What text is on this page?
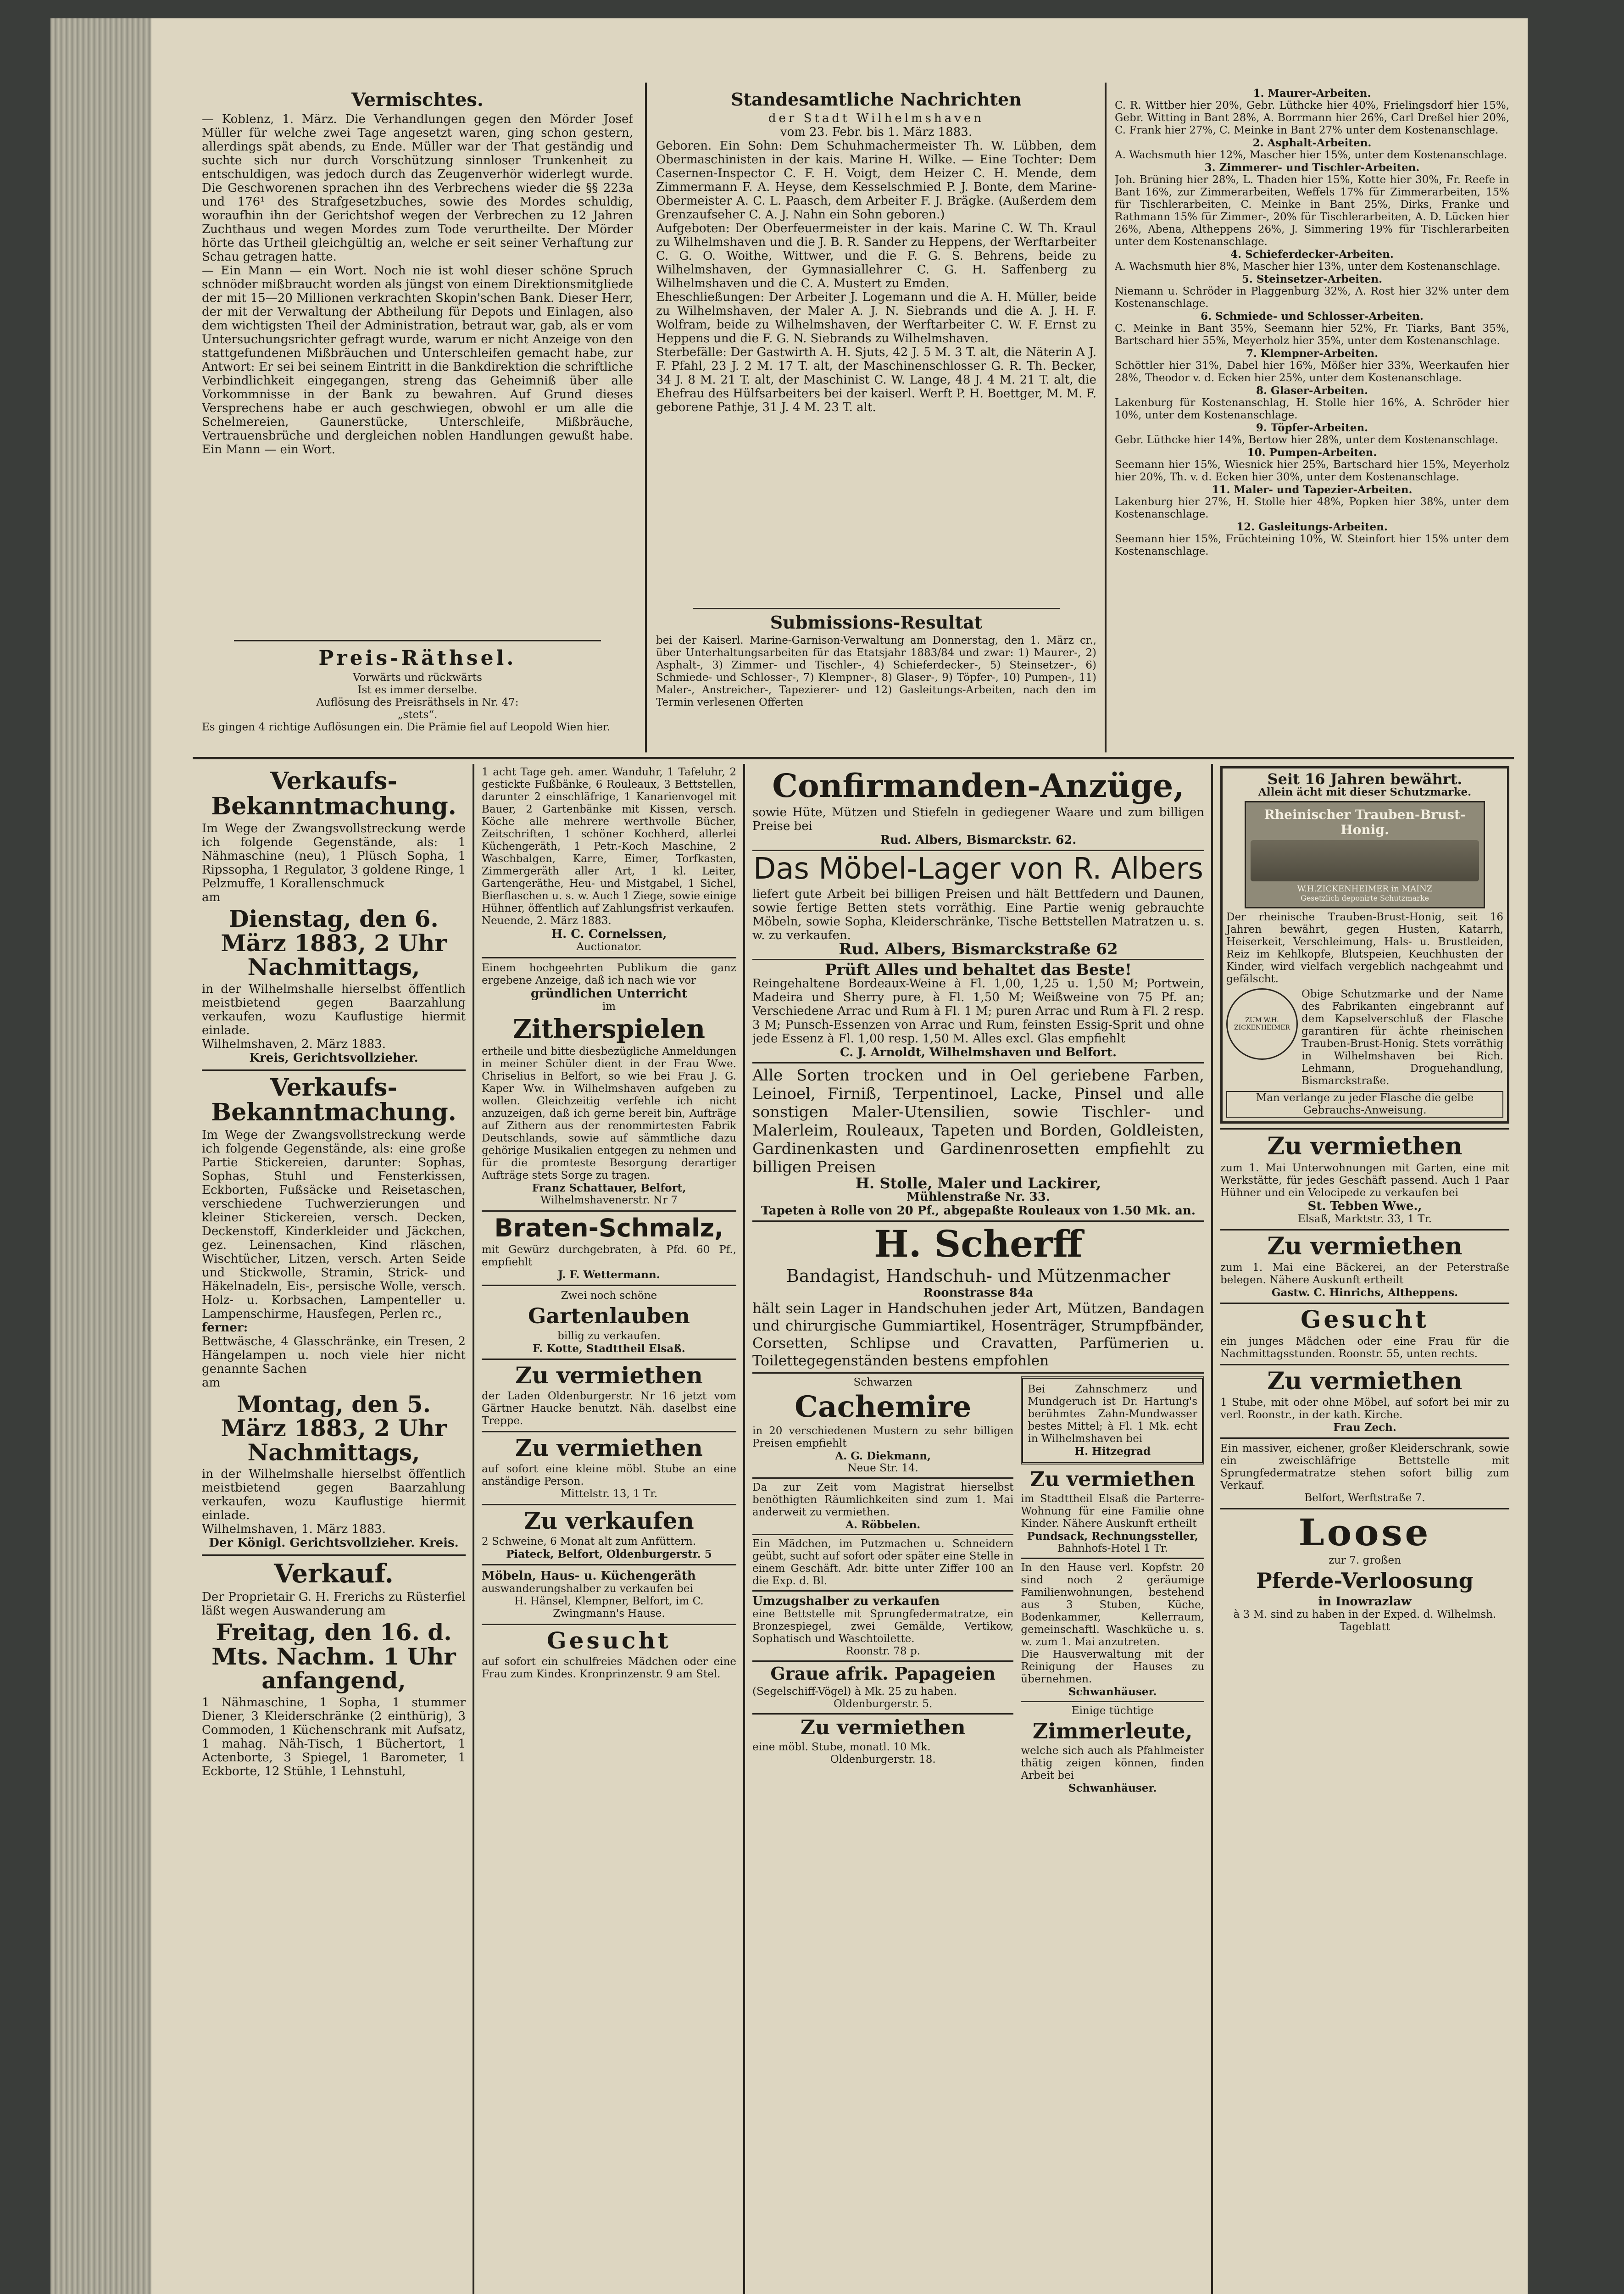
Vermischtes.

— Koblenz, 1. März. Die Verhandlungen gegen den Mörder Josef Müller für welche zwei Tage angesetzt waren, ging schon gestern, allerdings spät abends, zu Ende. Müller war der That geständig und suchte sich nur durch Vorschützung sinnloser Trunkenheit zu entschuldigen, was jedoch durch das Zeugenverhör widerlegt wurde. Die Geschworenen sprachen ihn des Verbrechens wieder die §§ 223a und 176¹ des Strafgesetzbuches, sowie des Mordes schuldig, woraufhin ihn der Gerichtshof wegen der Verbrechen zu 12 Jahren Zuchthaus und wegen Mordes zum Tode verurtheilte. Der Mörder hörte das Urtheil gleichgültig an, welche er seit seiner Verhaftung zur Schau getragen hatte.

— Ein Mann — ein Wort. Noch nie ist wohl dieser schöne Spruch schnöder mißbraucht worden als jüngst von einem Direktionsmitgliede der mit 15—20 Millionen verkrachten Skopin'schen Bank. Dieser Herr, der mit der Verwaltung der Abtheilung für Depots und Einlagen, also dem wichtigsten Theil der Administration, betraut war, gab, als er vom Untersuchungsrichter gefragt wurde, warum er nicht Anzeige von den stattgefundenen Mißbräuchen und Unterschleifen gemacht habe, zur Antwort: Er sei bei seinem Eintritt in die Bankdirektion die schriftliche Verbindlichkeit eingegangen, streng das Geheimniß über alle Vorkommnisse in der Bank zu bewahren. Auf Grund dieses Versprechens habe er auch geschwiegen, obwohl er um alle die Schelmereien, Gaunerstücke, Unterschleife, Mißbräuche, Vertrauensbrüche und dergleichen noblen Handlungen gewußt habe. Ein Mann — ein Wort.

Preis-Räthsel.

Vorwärts und rückwärts

Ist es immer derselbe.

Auflösung des Preisräthsels in Nr. 47:

„stets“.

Es gingen 4 richtige Auflösungen ein. Die Prämie fiel auf Leopold Wien hier.

Standesamtliche Nachrichten

der Stadt Wilhelmshaven

vom 23. Febr. bis 1. März 1883.

Geboren. Ein Sohn: Dem Schuhmachermeister Th. W. Lübben, dem Obermaschinisten in der kais. Marine H. Wilke. — Eine Tochter: Dem Casernen-Inspector C. F. H. Voigt, dem Heizer C. H. Mende, dem Zimmermann F. A. Heyse, dem Kesselschmied P. J. Bonte, dem Marine-Obermeister A. C. L. Paasch, dem Arbeiter F. J. Brägke. (Außerdem dem Grenzaufseher C. A. J. Nahn ein Sohn geboren.)

Aufgeboten: Der Oberfeuermeister in der kais. Marine C. W. Th. Kraul zu Wilhelmshaven und die J. B. R. Sander zu Heppens, der Werftarbeiter C. G. O. Woithe, Wittwer, und die F. G. S. Behrens, beide zu Wilhelmshaven, der Gymnasiallehrer C. G. H. Saffenberg zu Wilhelmshaven und die C. A. Mustert zu Emden.

Eheschließungen: Der Arbeiter J. Logemann und die A. H. Müller, beide zu Wilhelmshaven, der Maler A. J. N. Siebrands und die A. J. H. F. Wolfram, beide zu Wilhelmshaven, der Werftarbeiter C. W. F. Ernst zu Heppens und die F. G. N. Siebrands zu Wilhelmshaven.

Sterbefälle: Der Gastwirth A. H. Sjuts, 42 J. 5 M. 3 T. alt, die Näterin A J. F. Pfahl, 23 J. 2 M. 17 T. alt, der Maschinenschlosser G. R. Th. Becker, 34 J. 8 M. 21 T. alt, der Maschinist C. W. Lange, 48 J. 4 M. 21 T. alt, die Ehefrau des Hülfsarbeiters bei der kaiserl. Werft P. H. Boettger, M. M. F. geborene Pathje, 31 J. 4 M. 23 T. alt.

Submissions-Resultat

bei der Kaiserl. Marine-Garnison-Verwaltung am Donnerstag, den 1. März cr., über Unterhaltungsarbeiten für das Etatsjahr 1883/84 und zwar: 1) Maurer-, 2) Asphalt-, 3) Zimmer- und Tischler-, 4) Schieferdecker-, 5) Steinsetzer-, 6) Schmiede- und Schlosser-, 7) Klempner-, 8) Glaser-, 9) Töpfer-, 10) Pumpen-, 11) Maler-, Anstreicher-, Tapezierer- und 12) Gasleitungs-Arbeiten, nach den im Termin verlesenen Offerten

1. Maurer-Arbeiten.

C. R. Wittber hier 20%, Gebr. Lüthcke hier 40%, Frielingsdorf hier 15%, Gebr. Witting in Bant 28%, A. Borrmann hier 26%, Carl Dreßel hier 20%, C. Frank hier 27%, C. Meinke in Bant 27% unter dem Kostenanschlage.

2. Asphalt-Arbeiten.

A. Wachsmuth hier 12%, Mascher hier 15%, unter dem Kostenanschlage.

3. Zimmerer- und Tischler-Arbeiten.

Joh. Brüning hier 28%, L. Thaden hier 15%, Kotte hier 30%, Fr. Reefe in Bant 16%, zur Zimmerarbeiten, Weffels 17% für Zimmerarbeiten, 15% für Tischlerarbeiten, C. Meinke in Bant 25%, Dirks, Franke und Rathmann 15% für Zimmer-, 20% für Tischlerarbeiten, A. D. Lücken hier 26%, Abena, Altheppens 26%, J. Simmering 19% für Tischlerarbeiten unter dem Kostenanschlage.

4. Schieferdecker-Arbeiten.

A. Wachsmuth hier 8%, Mascher hier 13%, unter dem Kostenanschlage.

5. Steinsetzer-Arbeiten.

Niemann u. Schröder in Plaggenburg 32%, A. Rost hier 32% unter dem Kostenanschlage.

6. Schmiede- und Schlosser-Arbeiten.

C. Meinke in Bant 35%, Seemann hier 52%, Fr. Tiarks, Bant 35%, Bartschard hier 55%, Meyerholz hier 35%, unter dem Kostenanschlage.

7. Klempner-Arbeiten.

Schöttler hier 31%, Dabel hier 16%, Mößer hier 33%, Weerkaufen hier 28%, Theodor v. d. Ecken hier 25%, unter dem Kostenanschlage.

8. Glaser-Arbeiten.

Lakenburg für Kostenanschlag, H. Stolle hier 16%, A. Schröder hier 10%, unter dem Kostenanschlage.

9. Töpfer-Arbeiten.

Gebr. Lüthcke hier 14%, Bertow hier 28%, unter dem Kostenanschlage.

10. Pumpen-Arbeiten.

Seemann hier 15%, Wiesnick hier 25%, Bartschard hier 15%, Meyerholz hier 20%, Th. v. d. Ecken hier 30%, unter dem Kostenanschlage.

11. Maler- und Tapezier-Arbeiten.

Lakenburg hier 27%, H. Stolle hier 48%, Popken hier 38%, unter dem Kostenanschlage.

12. Gasleitungs-Arbeiten.

Seemann hier 15%, Früchteining 10%, W. Steinfort hier 15% unter dem Kostenanschlage.

Verkaufs-Bekanntmachung.

Im Wege der Zwangsvollstreckung werde ich folgende Gegenstände, als: 1 Nähmaschine (neu), 1 Plüsch Sopha, 1 Ripssopha, 1 Regulator, 3 goldene Ringe, 1 Pelzmuffe, 1 Korallenschmuck

am

Dienstag, den 6. März 1883, 2 Uhr Nachmittags,

in der Wilhelmshalle hierselbst öffentlich meistbietend gegen Baarzahlung verkaufen, wozu Kauflustige hiermit einlade.

Wilhelmshaven, 2. März 1883.

Kreis, Gerichtsvollzieher.

Verkaufs-Bekanntmachung.

Im Wege der Zwangsvollstreckung werde ich folgende Gegenstände, als: eine große Partie Stickereien, darunter: Sophas, Sophas, Stuhl und Fensterkissen, Eckborten, Fußsäcke und Reisetaschen, verschiedene Tuchwerzierungen und kleiner Stickereien, versch. Decken, Deckenstoff, Kinderkleider und Jäckchen, gez. Leinensachen, Kind rläschen, Wischtücher, Litzen, versch. Arten Seide und Stickwolle, Stramin, Strick- und Häkelnadeln, Eis-, persische Wolle, versch. Holz- u. Korbsachen, Lampenteller u. Lampenschirme, Hausfegen, Perlen rc.,

ferner:

Bettwäsche, 4 Glasschränke, ein Tresen, 2 Hängelampen u. noch viele hier nicht genannte Sachen

am

Montag, den 5. März 1883, 2 Uhr Nachmittags,

in der Wilhelmshalle hierselbst öffentlich meistbietend gegen Baarzahlung verkaufen, wozu Kauflustige hiermit einlade.

Wilhelmshaven, 1. März 1883.

Der Königl. Gerichtsvollzieher. Kreis.

Verkauf.

Der Proprietair G. H. Frerichs zu Rüsterfiel läßt wegen Auswanderung am

Freitag, den 16. d. Mts. Nachm. 1 Uhr anfangend,

1 Nähmaschine, 1 Sopha, 1 stummer Diener, 3 Kleiderschränke (2 einthürig), 3 Commoden, 1 Küchenschrank mit Aufsatz, 1 mahag. Näh-Tisch, 1 Büchertort, 1 Actenborte, 3 Spiegel, 1 Barometer, 1 Eckborte, 12 Stühle, 1 Lehnstuhl,

1 acht Tage geh. amer. Wanduhr, 1 Tafeluhr, 2 gestickte Fußbänke, 6 Rouleaux, 3 Bettstellen, darunter 2 einschläfrige, 1 Kanarienvogel mit Bauer, 2 Gartenbänke mit Kissen, versch. Köche alle mehrere werthvolle Bücher, Zeitschriften, 1 schöner Kochherd, allerlei Küchengeräth, 1 Petr.-Koch Maschine, 2 Waschbalgen, Karre, Eimer, Torfkasten, Zimmergeräth aller Art, 1 kl. Leiter, Gartengeräthe, Heu- und Mistgabel, 1 Sichel, Bierflaschen u. s. w. Auch 1 Ziege, sowie einige Hühner, öffentlich auf Zahlungsfrist verkaufen.

Neuende, 2. März 1883.

H. C. Cornelssen,

Auctionator.

Einem hochgeehrten Publikum die ganz ergebene Anzeige, daß ich nach wie vor

gründlichen Unterricht

im

Zitherspielen

ertheile und bitte diesbezügliche Anmeldungen in meiner Schüler dient in der Frau Wwe. Chriselius in Belfort, so wie bei Frau J. G. Kaper Ww. in Wilhelmshaven aufgeben zu wollen. Gleichzeitig verfehle ich nicht anzuzeigen, daß ich gerne bereit bin, Aufträge auf Zithern aus der renommirtesten Fabrik Deutschlands, sowie auf sämmtliche dazu gehörige Musikalien entgegen zu nehmen und für die promteste Besorgung derartiger Aufträge stets Sorge zu tragen.

Franz Schattauer, Belfort,

Wilhelmshavenerstr. Nr 7

Braten-Schmalz,

mit Gewürz durchgebraten, à Pfd. 60 Pf., empfiehlt

J. F. Wettermann.

Zwei noch schöne

Gartenlauben

billig zu verkaufen.

F. Kotte, Stadttheil Elsaß.

Zu vermiethen

der Laden Oldenburgerstr. Nr 16 jetzt vom Gärtner Haucke benutzt. Näh. daselbst eine Treppe.

Zu vermiethen

auf sofort eine kleine möbl. Stube an eine anständige Person.

Mittelstr. 13, 1 Tr.

Zu verkaufen

2 Schweine, 6 Monat alt zum Anfüttern.

Piateck, Belfort, Oldenburgerstr. 5

Möbeln, Haus- u. Küchengeräth

auswanderungshalber zu verkaufen bei

H. Hänsel, Klempner, Belfort, im C. Zwingmann's Hause.

Gesucht

auf sofort ein schulfreies Mädchen oder eine Frau zum Kindes. Kronprinzenstr. 9 am Stel.

Confirmanden-Anzüge,

sowie Hüte, Mützen und Stiefeln in gediegener Waare und zum billigen Preise bei

Rud. Albers, Bismarckstr. 62.

Das Möbel-Lager von R. Albers

liefert gute Arbeit bei billigen Preisen und hält Bettfedern und Daunen, sowie fertige Betten stets vorräthig. Eine Partie wenig gebrauchte Möbeln, sowie Sopha, Kleiderschränke, Tische Bettstellen Matratzen u. s. w. zu verkaufen.

Rud. Albers, Bismarckstraße 62

Prüft Alles und behaltet das Beste!

Reingehaltene Bordeaux-Weine à Fl. 1,00, 1,25 u. 1,50 M; Portwein, Madeira und Sherry pure, à Fl. 1,50 M; Weißweine von 75 Pf. an; Verschiedene Arrac und Rum à Fl. 1 M; puren Arrac und Rum à Fl. 2 resp. 3 M; Punsch-Essenzen von Arrac und Rum, feinsten Essig-Sprit und ohne jede Essenz à Fl. 1,00 resp. 1,50 M. Alles excl. Glas empfiehlt

C. J. Arnoldt, Wilhelmshaven und Belfort.

Alle Sorten trocken und in Oel geriebene Farben, Leinoel, Firniß, Terpentinoel, Lacke, Pinsel und alle sonstigen Maler-Utensilien, sowie Tischler- und Malerleim, Rouleaux, Tapeten und Borden, Goldleisten, Gardinenkasten und Gardinenrosetten empfiehlt zu billigen Preisen

H. Stolle, Maler und Lackirer,

Mühlenstraße Nr. 33.

Tapeten à Rolle von 20 Pf., abgepaßte Rouleaux von 1.50 Mk. an.

H. Scherff

Bandagist, Handschuh- und Mützenmacher

Roonstrasse 84a

hält sein Lager in Handschuhen jeder Art, Mützen, Bandagen und chirurgische Gummiartikel, Hosenträger, Strumpfbänder, Corsetten, Schlipse und Cravatten, Parfümerien u. Toilettegegenständen bestens empfohlen

Schwarzen

Cachemire

in 20 verschiedenen Mustern zu sehr billigen Preisen empfiehlt

A. G. Diekmann,

Neue Str. 14.

Da zur Zeit vom Magistrat hierselbst benöthigten Räumlichkeiten sind zum 1. Mai anderweit zu vermiethen.

A. Röbbelen.

Ein Mädchen, im Putzmachen u. Schneidern geübt, sucht auf sofort oder später eine Stelle in einem Geschäft. Adr. bitte unter Ziffer 100 an die Exp. d. Bl.

Umzugshalber zu verkaufen

eine Bettstelle mit Sprungfedermatratze, ein Bronzespiegel, zwei Gemälde, Vertikow, Sophatisch und Waschtoilette.

Roonstr. 78 p.

Graue afrik. Papageien

(Segelschiff-Vögel) à Mk. 25 zu haben.

Oldenburgerstr. 5.

Zu vermiethen

eine möbl. Stube, monatl. 10 Mk.

Oldenburgerstr. 18.

Bei Zahnschmerz und Mundgeruch ist Dr. Hartung's berühmtes Zahn-Mundwasser bestes Mittel; à Fl. 1 Mk. echt in Wilhelmshaven bei

H. Hitzegrad

Zu vermiethen

im Stadttheil Elsaß die Parterre-Wohnung für eine Familie ohne Kinder. Nähere Auskunft ertheilt

Pundsack, Rechnungssteller,

Bahnhofs-Hotel 1 Tr.

In den Hause verl. Kopfstr. 20 sind noch 2 geräumige Familienwohnungen, bestehend aus 3 Stuben, Küche, Bodenkammer, Kellerraum, gemeinschaftl. Waschküche u. s. w. zum 1. Mai anzutreten.

Die Hausverwaltung mit der Reinigung der Hauses zu übernehmen.

Schwanhäuser.

Einige tüchtige

Zimmerleute,

welche sich auch als Pfahlmeister thätig zeigen können, finden Arbeit bei

Schwanhäuser.

Seit 16 Jahren bewährt.

Allein ächt mit dieser Schutzmarke.

Rheinischer Trauben-Brust-Honig.
W.H.ZICKENHEIMER in MAINZ
Gesetzlich deponirte Schutzmarke

Der rheinische Trauben-Brust-Honig, seit 16 Jahren bewährt, gegen Husten, Katarrh, Heiserkeit, Verschleimung, Hals- u. Brustleiden, Reiz im Kehlkopfe, Blutspeien, Keuchhusten der Kinder, wird vielfach vergeblich nachgeahmt und gefälscht.

ZUM W.H. ZICKENHEIMER

Obige Schutzmarke und der Name des Fabrikanten eingebrannt auf dem Kapselverschluß der Flasche garantiren für ächte rheinischen Trauben-Brust-Honig. Stets vorräthig in Wilhelmshaven bei Rich. Lehmann, Droguehandlung, Bismarckstraße.

Man verlange zu jeder Flasche die gelbe Gebrauchs-Anweisung.

Zu vermiethen

zum 1. Mai Unterwohnungen mit Garten, eine mit Werkstätte, für jedes Geschäft passend. Auch 1 Paar Hühner und ein Velocipede zu verkaufen bei

St. Tebben Wwe.,

Elsaß, Marktstr. 33, 1 Tr.

Zu vermiethen

zum 1. Mai eine Bäckerei, an der Peterstraße belegen. Nähere Auskunft ertheilt

Gastw. C. Hinrichs, Altheppens.

Gesucht

ein junges Mädchen oder eine Frau für die Nachmittagsstunden. Roonstr. 55, unten rechts.

Zu vermiethen

1 Stube, mit oder ohne Möbel, auf sofort bei mir zu verl. Roonstr., in der kath. Kirche.

Frau Zech.

Ein massiver, eichener, großer Kleiderschrank, sowie ein zweischläfrige Bettstelle mit Sprungfedermatratze stehen sofort billig zum Verkauf.

Belfort, Werftstraße 7.

Loose

zur 7. großen

Pferde-Verloosung

in Inowrazlaw

à 3 M. sind zu haben in der Exped. d. Wilhelmsh. Tageblatt
